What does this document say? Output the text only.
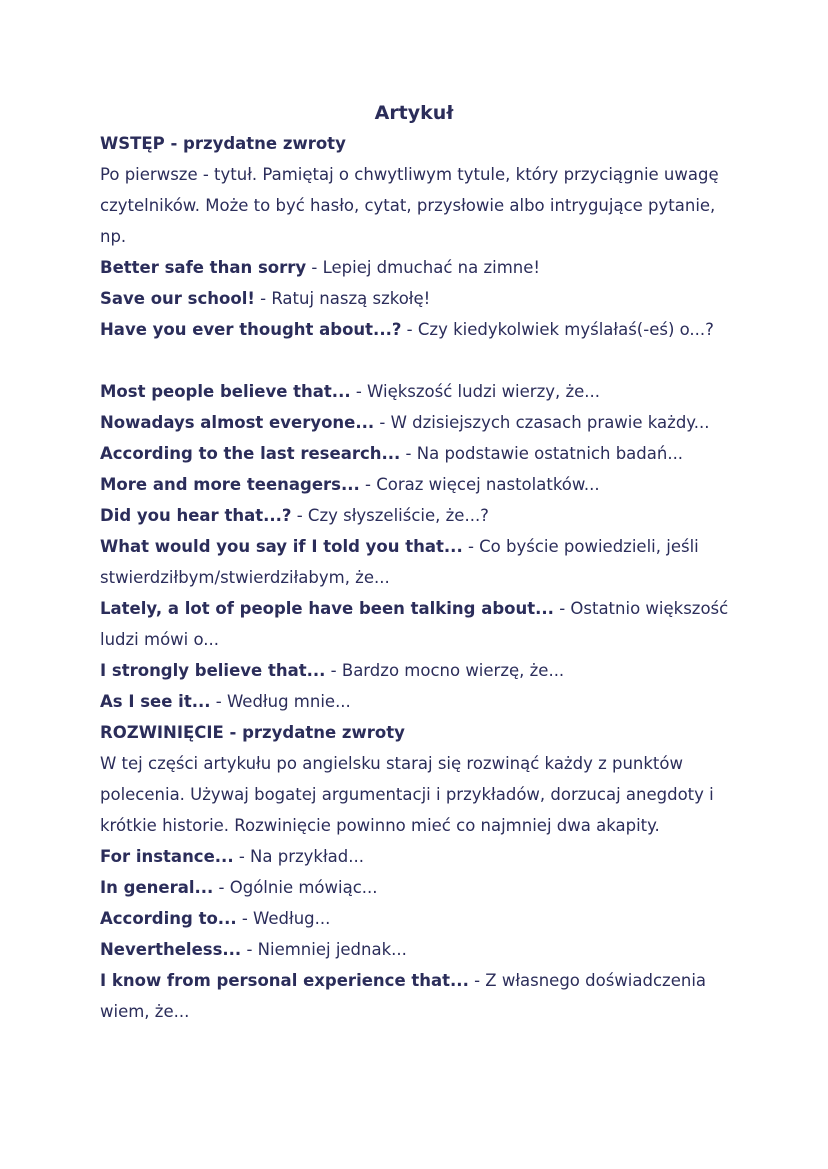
Artykuł
WSTĘP - przydatne zwroty
Po pierwsze - tytuł. Pamiętaj o chwytliwym tytule, który przyciągnie uwagę czytelników. Może to być hasło, cytat, przysłowie albo intrygujące pytanie, np.
Better safe than sorry - Lepiej dmuchać na zimne!
Save our school! - Ratuj naszą szkołę!
Have you ever thought about...? - Czy kiedykolwiek myślałaś(-eś) o...?
Most people believe that... - Większość ludzi wierzy, że...
Nowadays almost everyone... - W dzisiejszych czasach prawie każdy...
According to the last research... - Na podstawie ostatnich badań...
More and more teenagers... - Coraz więcej nastolatków...
Did you hear that...? - Czy słyszeliście, że...?
What would you say if I told you that... - Co byście powiedzieli, jeśli stwierdziłbym/stwierdziłabym, że...
Lately, a lot of people have been talking about... - Ostatnio większość ludzi mówi o...
I strongly believe that... - Bardzo mocno wierzę, że...
As I see it... - Według mnie...
ROZWINIĘCIE - przydatne zwroty
W tej części artykułu po angielsku staraj się rozwinąć każdy z punktów polecenia. Używaj bogatej argumentacji i przykładów, dorzucaj anegdoty i krótkie historie. Rozwinięcie powinno mieć co najmniej dwa akapity.
For instance... - Na przykład...
In general... - Ogólnie mówiąc...
According to... - Według...
Nevertheless... - Niemniej jednak...
I know from personal experience that... - Z własnego doświadczenia wiem, że...
